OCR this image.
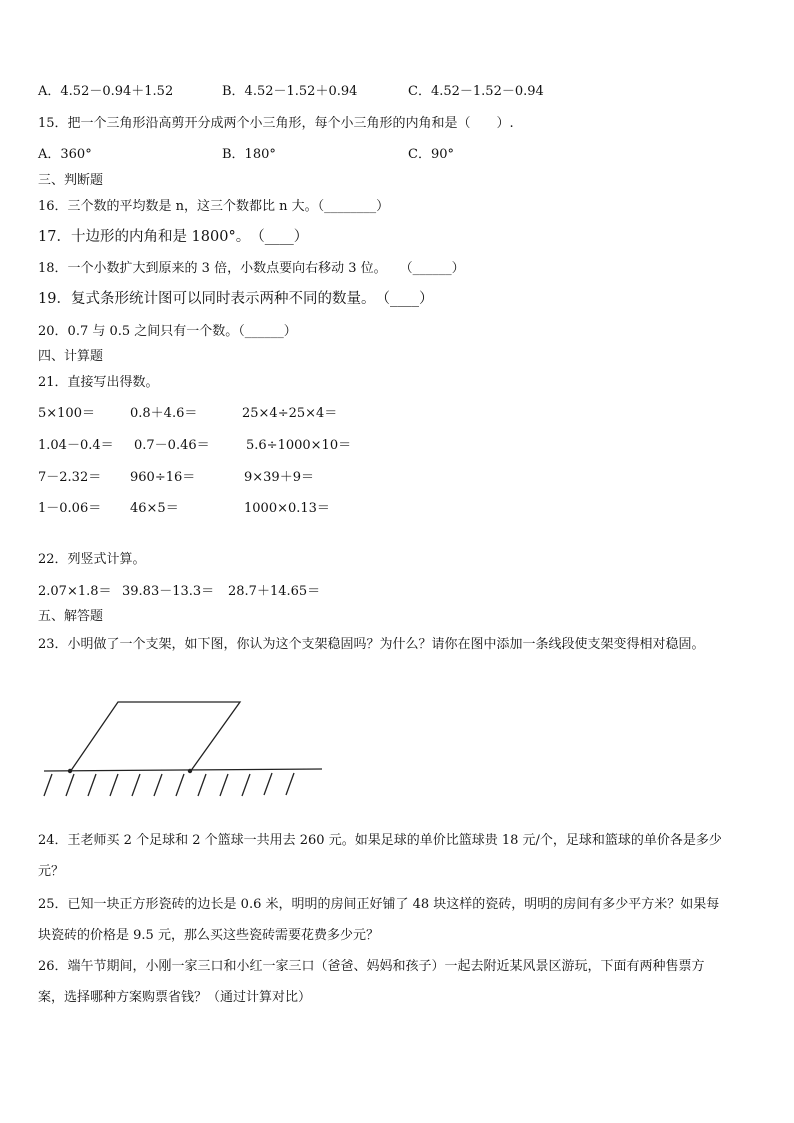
A．4.52－0.94＋1.52	B．4.52－1.52＋0.94	C．4.52－1.52－0.94
15．把一个三角形沿高剪开分成两个小三角形，每个小三角形的内角和是（　　）.
A．360°	B．180°	C．90°
三、判断题
16．三个数的平均数是 n，这三个数都比 n 大。（________）
17．十边形的内角和是 1800°。　（____）
18．一个小数扩大到原来的 3 倍，小数点要向右移动 3 位。　　（______）
19．复式条形统计图可以同时表示两种不同的数量。　（____）
20．0.7 与 0.5 之间只有一个数。（______）
四、计算题
21．直接写出得数。
5×100＝	0.8＋4.6＝	25×4÷25×4＝
1.04－0.4＝ 0.7－0.46＝	5.6÷1000×10＝
7－2.32＝ 960÷16＝	9×39＋9＝
1－0.06＝ 46×5＝	1000×0.13＝
22．列竖式计算。
2.07×1.8＝ 39.83－13.3＝ 28.7＋14.65＝
五、解答题
23．小明做了一个支架，如下图，你认为这个支架稳固吗？为什么？请你在图中添加一条线段使支架变得相对稳固。
24．王老师买 2 个足球和 2 个篮球一共用去 260 元。如果足球的单价比篮球贵 18 元/个，足球和篮球的单价各是多少
元？
25．已知一块正方形瓷砖的边长是 0.6 米，明明的房间正好铺了 48 块这样的瓷砖，明明的房间有多少平方米？如果每
块瓷砖的价格是 9.5 元，那么买这些瓷砖需要花费多少元？
26．端午节期间，小刚一家三口和小红一家三口（爸爸、妈妈和孩子）一起去附近某风景区游玩，下面有两种售票方
案，选择哪种方案购票省钱？（通过计算对比）
